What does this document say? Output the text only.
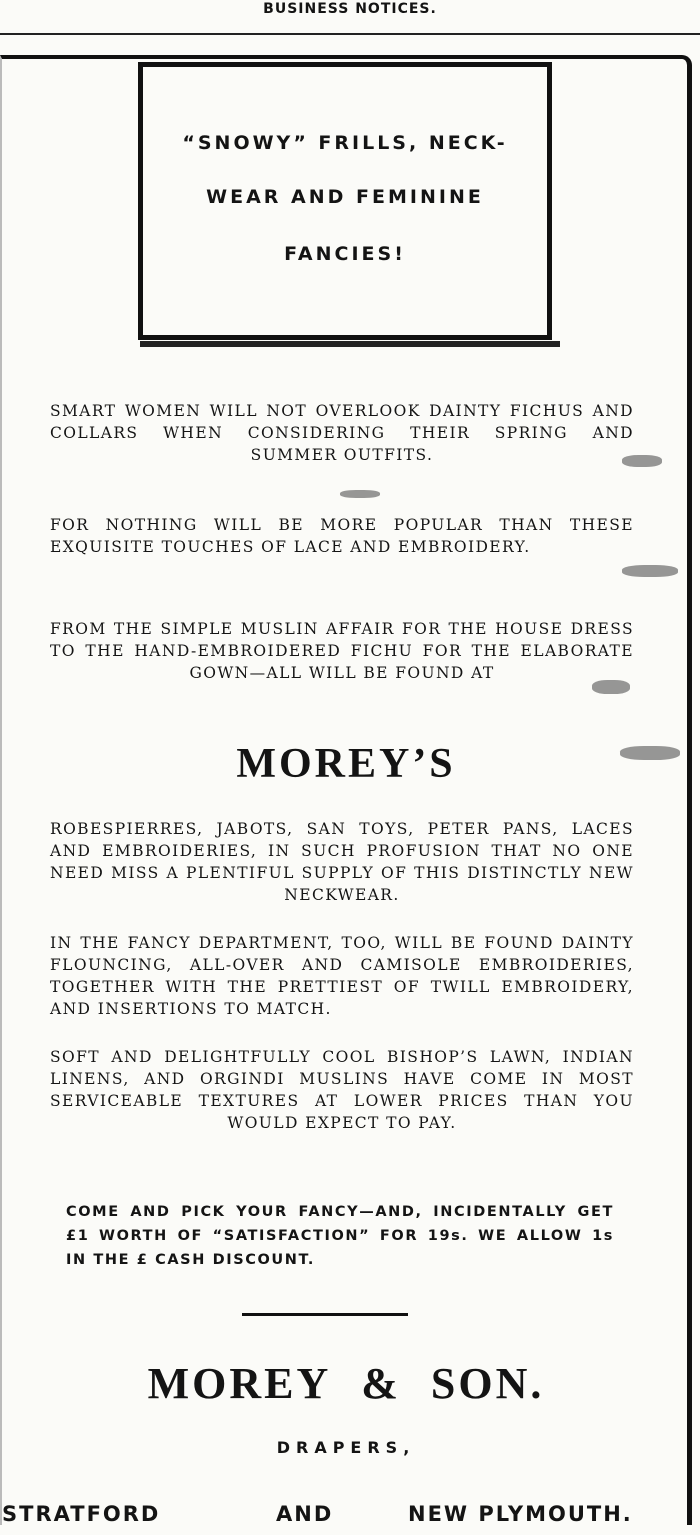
BUSINESS NOTICES.
“SNOWY” FRILLS, NECK-
WEAR AND FEMININE
FANCIES!
SMART WOMEN WILL NOT OVERLOOK DAINTY FICHUS AND COLLARS WHEN CONSIDERING THEIR SPRING AND SUMMER OUTFITS.
FOR NOTHING WILL BE MORE POPULAR THAN THESE EXQUISITE TOUCHES OF LACE AND EMBROIDERY.
FROM THE SIMPLE MUSLIN AFFAIR FOR THE HOUSE DRESS TO THE HAND-EMBROIDERED FICHU FOR THE ELABORATE GOWN—ALL WILL BE FOUND AT
MOREY’S
ROBESPIERRES, JABOTS, SAN TOYS, PETER PANS, LACES AND EMBROIDERIES, IN SUCH PROFUSION THAT NO ONE NEED MISS A PLENTIFUL SUPPLY OF THIS DISTINCTLY NEW NECKWEAR.
IN THE FANCY DEPARTMENT, TOO, WILL BE FOUND DAINTY FLOUNCING, ALL-OVER AND CAMISOLE EMBROIDERIES, TOGETHER WITH THE PRETTIEST OF TWILL EMBROIDERY, AND INSERTIONS TO MATCH.
SOFT AND DELIGHTFULLY COOL BISHOP’S LAWN, INDIAN LINENS, AND ORGINDI MUSLINS HAVE COME IN MOST SERVICEABLE TEXTURES AT LOWER PRICES THAN YOU WOULD EXPECT TO PAY.
COME AND PICK YOUR FANCY—AND, INCIDENTALLY GET £1 WORTH OF “SATISFACTION” FOR 19s. WE ALLOW 1s IN THE £ CASH DISCOUNT.
MOREY & SON.
DRAPERS,
STRATFORD	AND	NEW PLYMOUTH.
